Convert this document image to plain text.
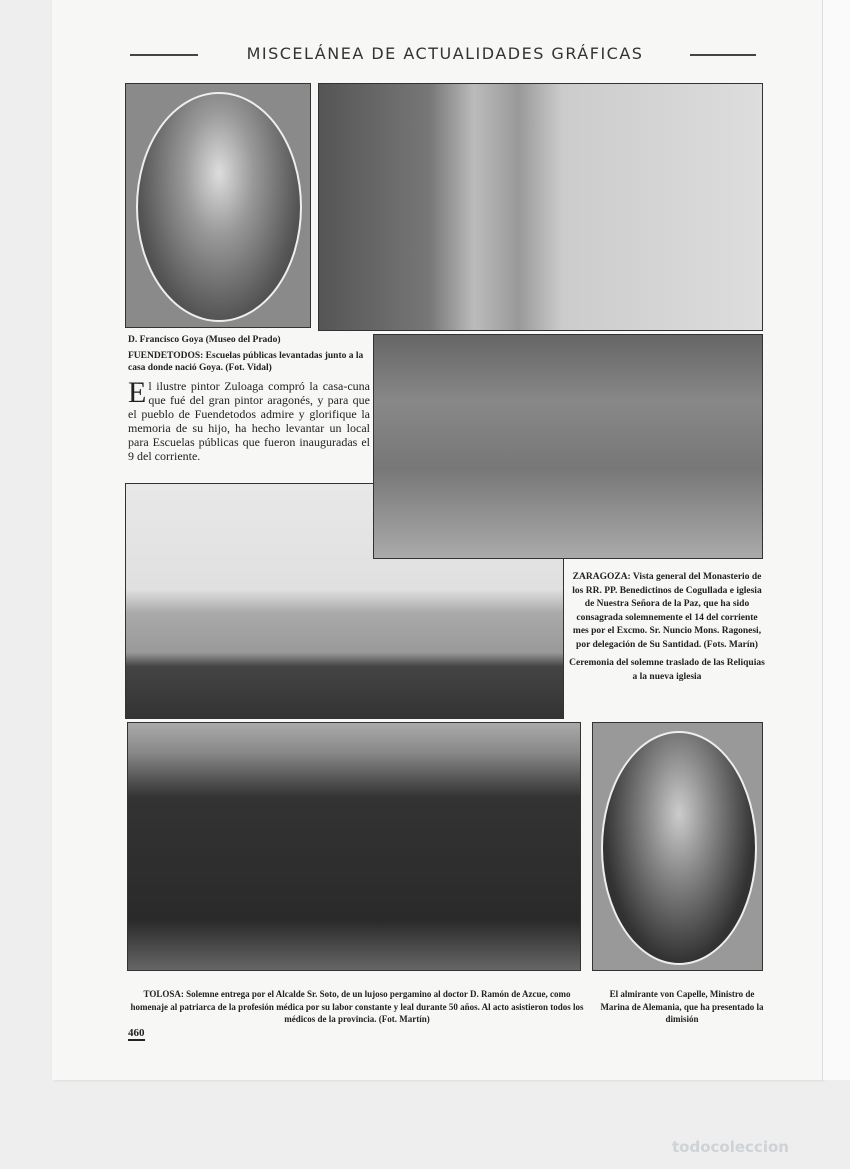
MISCELÁNEA DE ACTUALIDADES GRÁFICAS
D. Francisco Goya (Museo del Prado)
FUENDETODOS: Escuelas públicas levantadas junto a la casa donde nació Goya. (Fot. Vidal)
El ilustre pintor Zuloaga compró la casa-cuna que fué del gran pintor aragonés, y para que el pueblo de Fuendetodos admire y glorifique la memoria de su hijo, ha hecho levantar un local para Escuelas públicas que fueron inauguradas el 9 del corriente.
ZARAGOZA: Vista general del Monasterio de los RR. PP. Benedictinos de Cogullada e iglesia de Nuestra Señora de la Paz, que ha sido consagrada solemnemente el 14 del corriente mes por el Excmo. Sr. Nuncio Mons. Ragonesi, por delegación de Su Santidad. (Fots. Marín)
Ceremonia del solemne traslado de las Reliquias a la nueva iglesia
TOLOSA: Solemne entrega por el Alcalde Sr. Soto, de un lujoso pergamino al doctor D. Ramón de Azcue, como homenaje al patriarca de la profesión médica por su labor constante y leal durante 50 años. Al acto asistieron todos los médicos de la provincia. (Fot. Martín)
El almirante von Capelle, Ministro de Marina de Alemania, que ha presentado la dimisión
460
todocoleccion
